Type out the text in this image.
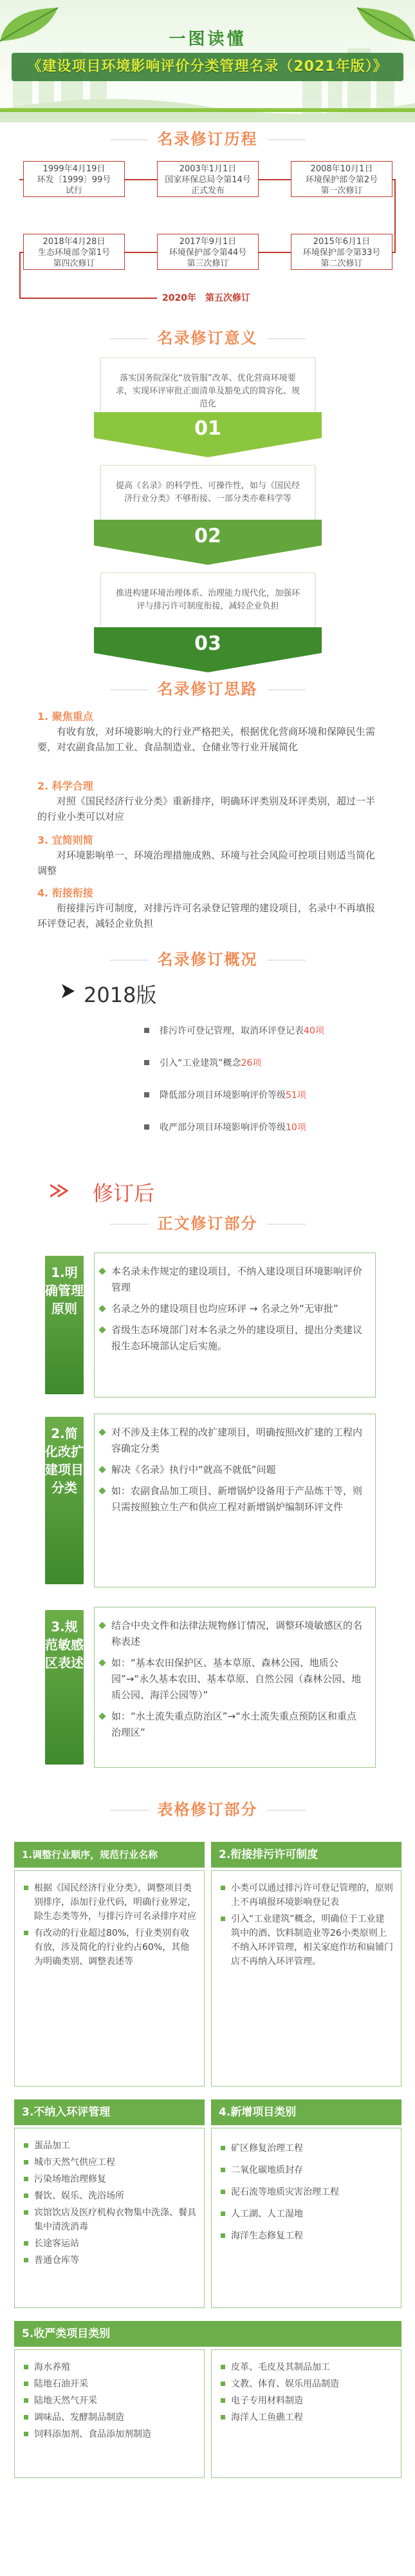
一图读懂
《建设项目环境影响评价分类管理名录（2021年版）》
名录修订历程
1999年4月19日
环发〔1999〕99号
试行
2003年1月1日
国家环保总局令第14号
正式发布
2008年10月1日
环境保护部令第2号
第一次修订
2018年4月28日
生态环境部令第1号
第四次修订
2017年9月1日
环境保护部令第44号
第三次修订
2015年6月1日
环境保护部令第33号
第二次修订
2020年　第五次修订
名录修订意义
落实国务院深化“放管服”改革、优化营商环境要求，实现环评审批正面清单及豁免式的简容化、规范化
01
提高《名录》的科学性、可操作性，如与《国民经济行业分类》不够衔接、一部分类亦难科学等
02
推进构建环境治理体系、治理能力现代化，加强环评与排污许可制度衔接，减轻企业负担
03
名录修订思路
1. 聚焦重点
有收有放，对环境影响大的行业严格把关，根据优化营商环境和保障民生需要，对农副食品加工业、食品制造业、仓储业等行业开展简化
2. 科学合理
对照《国民经济行业分类》重新排序，明确环评类别及环评类别，超过一半的行业小类可以对应
3. 宜简则简
对环境影响单一、环境治理措施成熟、环境与社会风险可控项目则适当简化调整
4. 衔接衔接
衔接排污许可制度，对排污许可名录登记管理的建设项目，名录中不再填报环评登记表，减轻企业负担
名录修订概况
2018版
排污许可登记管理，取消环评登记表40项
引入“工业建筑”概念26项
降低部分项目环境影响评价等级51项
收严部分项目环境影响评价等级10项
修订后
正文修订部分
1.明确管理原则
本名录未作规定的建设项目，不纳入建设项目环境影响评价管理
名录之外的建设项目也均应环评 → 名录之外“无审批”
省级生态环境部门对本名录之外的建设项目，提出分类建议报生态环境部认定后实施。
2.简化改扩建项目分类
对不涉及主体工程的改扩建项目，明确按照改扩建的工程内容确定分类
解决《名录》执行中“就高不就低”问题
如：农副食品加工项目、新增锅炉设备用于产品炼干等，则只需按照独立生产和供应工程对新增锅炉编制环评文件
3.规范敏感区表述
结合中央文件和法律法规物修订情况，调整环境敏感区的名称表述
如：“基本农田保护区、基本草原、森林公园、地质公园”→“永久基本农田、基本草原、自然公园（森林公园、地质公园、海洋公园等）”
如：“水土流失重点防治区”→“水土流失重点预防区和重点治理区”
表格修订部分
1.调整行业顺序，规范行业名称
根据《国民经济行业分类》，调整项目类别排序，添加行业代码，明确行业界定，除生态类等外，与排污许可名录排序对应
有改动的行业超过80%，行业类别有收有放，涉及简化的行业约占60%，其他为明确类别、调整表述等
2.衔接排污许可制度
小类可以通过排污许可登记管理的，原则上不再填报环境影响登记表
引入“工业建筑”概念，明确位于工业建筑中的酒、饮料制造业等26小类原则上不纳入环评管理，相关家庭作坊和扁铺门店不再纳入环评管理。
3.不纳入环评管理
蛋品加工
城市天然气供应工程
污染场地治理修复
餐饮、娱乐、洗浴场所
宾馆饮店及医疗机构衣物集中洗涤、餐具集中清洗消毒
长途客运站
普通仓库等
4.新增项目类别
矿区修复治理工程
二氧化碳地质封存
泥石流等地质灾害治理工程
人工湖、人工湿地
海洋生态修复工程
5.收严类项目类别
海水养殖
陆地石油开采
陆地天然气开采
调味品、发酵制品制造
饲料添加剂、食品添加剂制造
皮革、毛皮及其制品加工
文教、体育、娱乐用品制造
电子专用材料制造
海洋人工鱼礁工程
